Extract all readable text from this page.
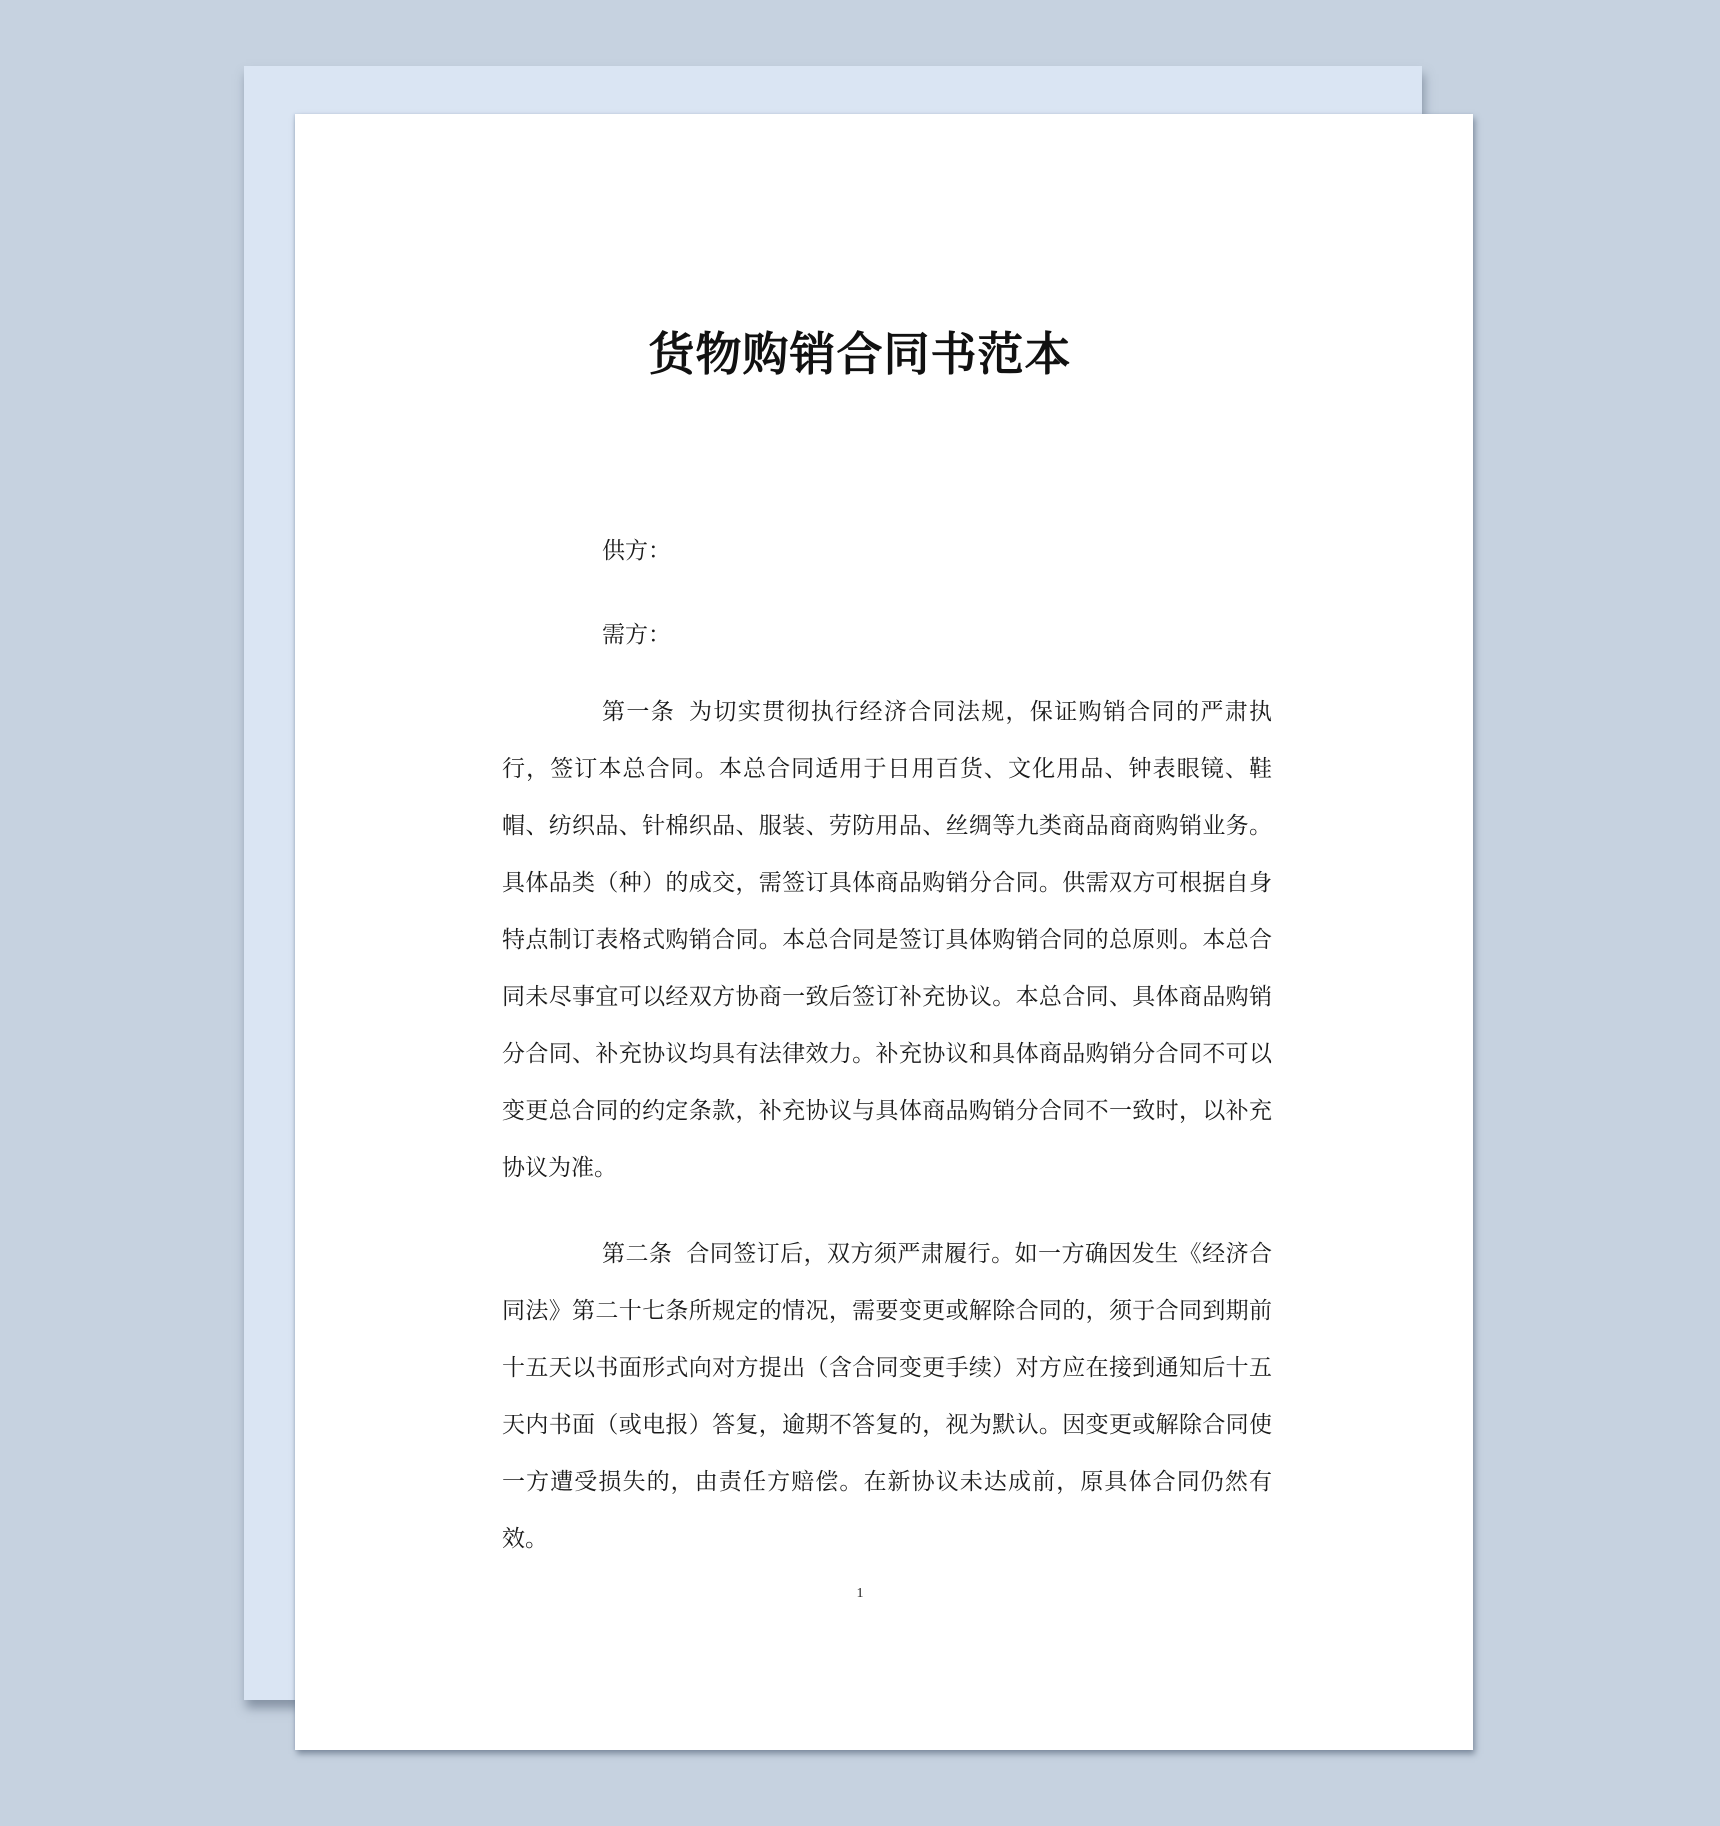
货物购销合同书范本
供方：
需方：

第一条 为切实贯彻执行经济合同法规，保证购销合同的严肃执行，签订本总合同。本总合同适用于日用百货、文化用品、钟表眼镜、鞋帽、纺织品、针棉织品、服装、劳防用品、丝绸等九类商品商商购销业务。具体品类（种）的成交，需签订具体商品购销分合同。供需双方可根据自身特点制订表格式购销合同。本总合同是签订具体购销合同的总原则。本总合同未尽事宜可以经双方协商一致后签订补充协议。本总合同、具体商品购销分合同、补充协议均具有法律效力。补充协议和具体商品购销分合同不可以变更总合同的约定条款，补充协议与具体商品购销分合同不一致时，以补充协议为准。

第二条 合同签订后，双方须严肃履行。如一方确因发生《经济合同法》第二十七条所规定的情况，需要变更或解除合同的，须于合同到期前十五天以书面形式向对方提出（含合同变更手续）对方应在接到通知后十五天内书面（或电报）答复，逾期不答复的，视为默认。因变更或解除合同使一方遭受损失的，由责任方赔偿。在新协议未达成前，原具体合同仍然有效。

1
